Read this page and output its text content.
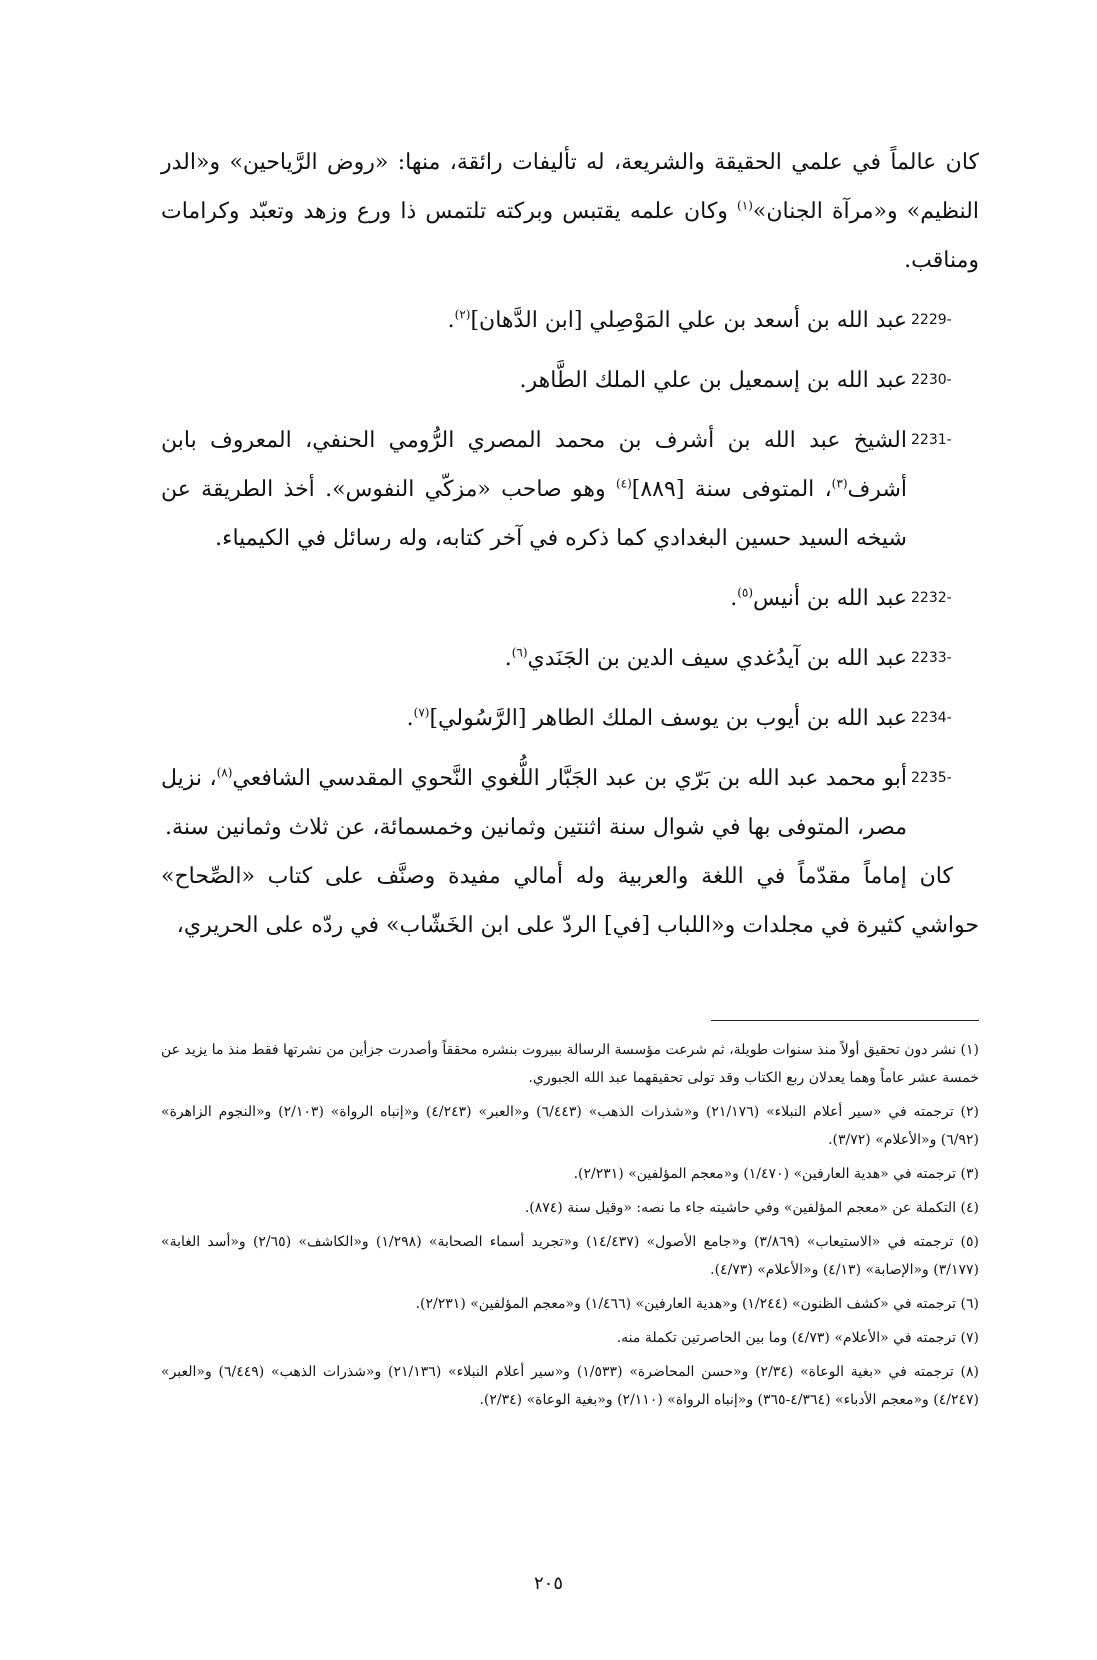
كان عالماً في علمي الحقيقة والشريعة، له تأليفات رائقة، منها: «روض الرَّياحين» و«الدر النظيم» و«مرآة الجنان»$^{(١)}$ وكان علمه يقتبس وبركته تلتمس ذا ورع وزهد وتعبّد وكرامات ومناقب.

2229-
عبد الله بن أسعد بن علي المَوْصِلي [ابن الدَّهان]$^{(٢)}$.

2230-
عبد الله بن إسمعيل بن علي الملك الطَّاهر.

2231-
الشيخ عبد الله بن أشرف بن محمد المصري الرُّومي الحنفي، المعروف بابن أشرف$^{(٣)}$، المتوفى سنة [٨٨٩]$^{(٤)}$ وهو صاحب «مزكّي النفوس». أخذ الطريقة عن شيخه السيد حسين البغدادي كما ذكره في آخر كتابه، وله رسائل في الكيمياء.

2232-
عبد الله بن أنيس$^{(٥)}$.

2233-
عبد الله بن آيدُغدي سيف الدين بن الجَنَدي$^{(٦)}$.

2234-
عبد الله بن أيوب بن يوسف الملك الطاهر [الرَّسُولي]$^{(٧)}$.

2235-
أبو محمد عبد الله بن بَرّي بن عبد الجَبَّار اللُّغوي النَّحوي المقدسي الشافعي$^{(٨)}$، نزيل مصر، المتوفى بها في شوال سنة اثنتين وثمانين وخمسمائة، عن ثلاث وثمانين سنة.

كان إماماً مقدّماً في اللغة والعربية وله أمالي مفيدة وصنَّف على كتاب «الصِّحاح» حواشي كثيرة في مجلدات و«اللباب [في] الردّ على ابن الخَشّاب» في ردّه على الحريري،

(١) نشر دون تحقيق أولاً منذ سنوات طويلة، ثم شرعت مؤسسة الرسالة ببيروت بنشره محققاً وأصدرت جزأين من نشرتها فقط منذ ما يزيد عن خمسة عشر عاماً وهما يعدلان ربع الكتاب وقد تولى تحقيقهما عبد الله الجبوري.

(٢) ترجمته في «سير أعلام النبلاء» (٢١/١٧٦) و«شذرات الذهب» (٦/٤٤٣) و«العبر» (٤/٢٤٣) و«إنباه الرواة» (٢/١٠٣) و«النجوم الزاهرة» (٦/٩٢) و«الأعلام» (٣/٧٢).

(٣) ترجمته في «هدية العارفين» (١/٤٧٠) و«معجم المؤلفين» (٢/٢٣١).

(٤) التكملة عن «معجم المؤلفين» وفي حاشيته جاء ما نصه: «وقيل سنة (٨٧٤).

(٥) ترجمته في «الاستيعاب» (٣/٨٦٩) و«جامع الأصول» (١٤/٤٣٧) و«تجريد أسماء الصحابة» (١/٢٩٨) و«الكاشف» (٢/٦٥) و«أسد الغابة» (٣/١٧٧) و«الإصابة» (٤/١٣) و«الأعلام» (٤/٧٣).

(٦) ترجمته في «كشف الظنون» (١/٢٤٤) و«هدية العارفين» (١/٤٦٦) و«معجم المؤلفين» (٢/٢٣١).

(٧) ترجمته في «الأعلام» (٤/٧٣) وما بين الحاصرتين تكملة منه.

(٨) ترجمته في «بغية الوعاة» (٢/٣٤) و«حسن المحاضرة» (١/٥٣٣) و«سير أعلام النبلاء» (٢١/١٣٦) و«شذرات الذهب» (٦/٤٤٩) و«العبر» (٤/٢٤٧) و«معجم الأدباء» (٤/٣٦٤-٣٦٥) و«إنباه الرواة» (٢/١١٠) و«بغية الوعاة» (٢/٣٤).

٢٠٥
